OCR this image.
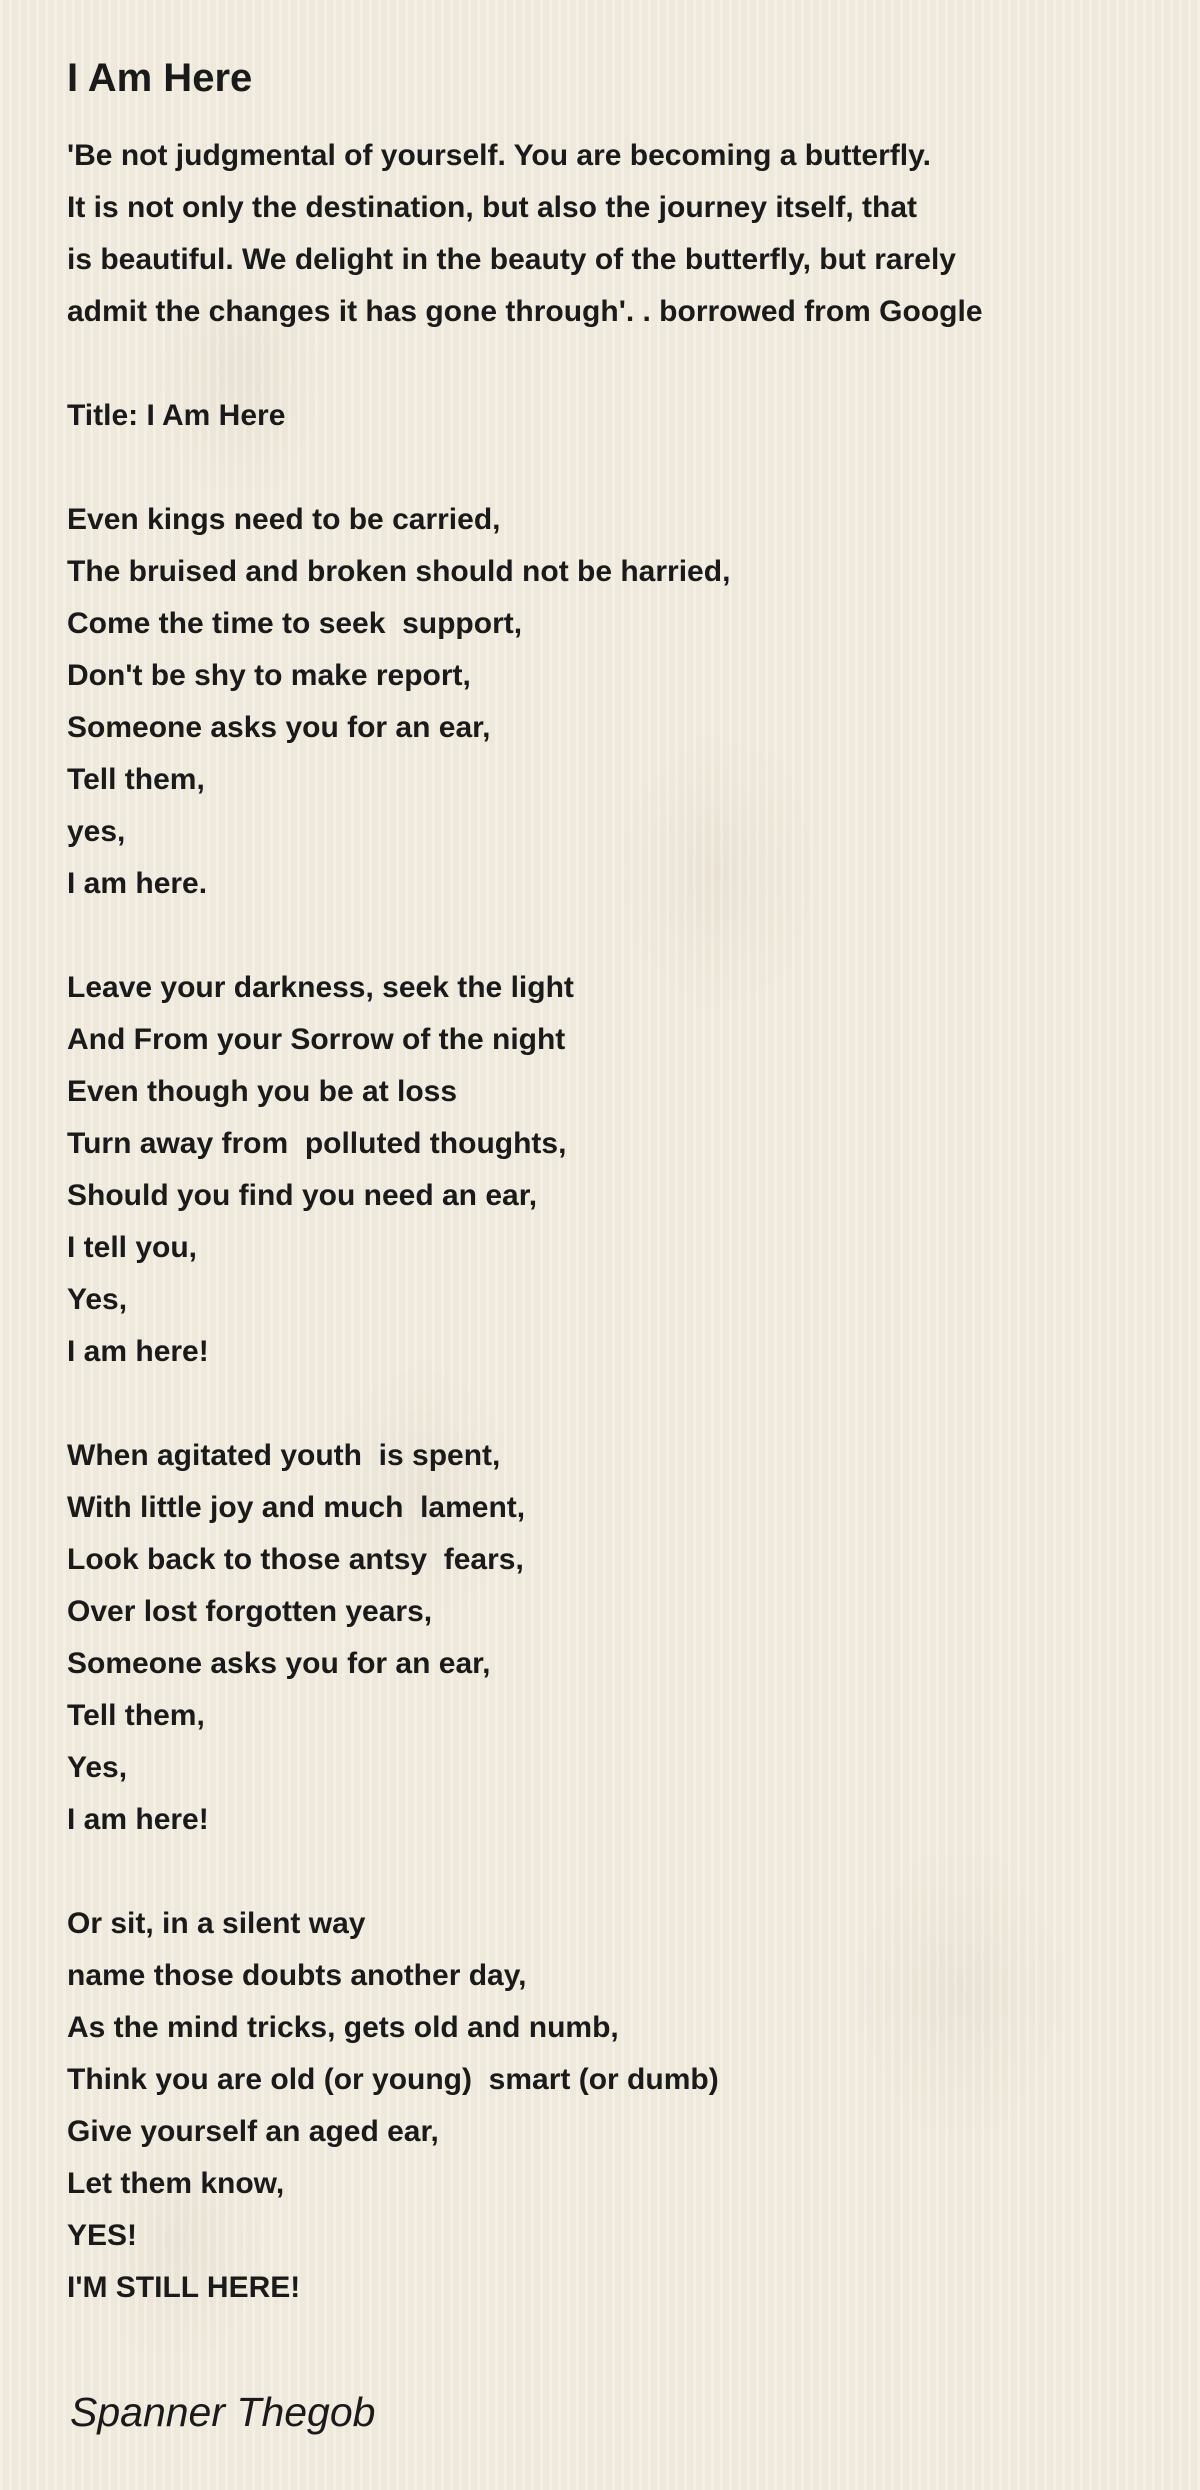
I Am Here
'Be not judgmental of yourself. You are becoming a butterfly.
It is not only the destination, but also the journey itself, that
is beautiful. We delight in the beauty of the butterfly, but rarely
admit the changes it has gone through'. . borrowed from Google
Title: I Am Here
Even kings need to be carried,
The bruised and broken should not be harried,
Come the time to seek  support,
Don't be shy to make report,
Someone asks you for an ear,
Tell them,
yes,
I am here.
Leave your darkness, seek the light
And From your Sorrow of the night
Even though you be at loss
Turn away from  polluted thoughts,
Should you find you need an ear,
I tell you,
Yes,
I am here!
When agitated youth  is spent,
With little joy and much  lament,
Look back to those antsy  fears,
Over lost forgotten years,
Someone asks you for an ear,
Tell them,
Yes,
I am here!
Or sit, in a silent way
name those doubts another day,
As the mind tricks, gets old and numb,
Think you are old (or young)  smart (or dumb)
Give yourself an aged ear,
Let them know,
YES!
I'M STILL HERE!
Spanner Thegob
